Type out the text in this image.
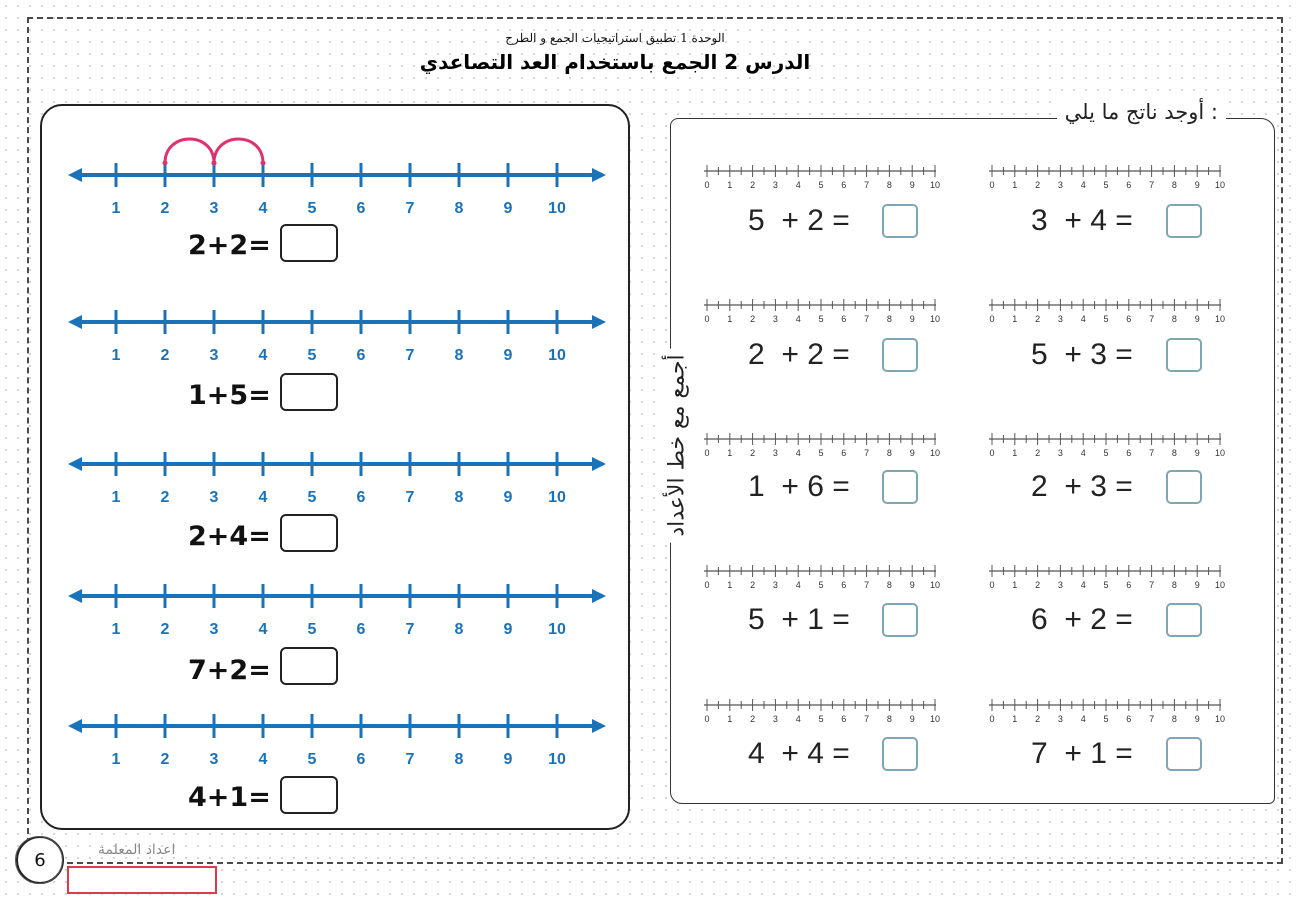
الوحدة 1 تطبيق استراتيجيات الجمع و الطرح
الدرس 2 الجمع باستخدام العد التصاعدي
1	2	3	4	5	6	7	8	9 10
2+2=
1	2	3	4	5	6	7	8	9 10
1+5=
1	2	3	4	5	6	7	8	9 10
2+4=
1	2	3	4	5	6	7	8	9 10
7+2=
1	2	3	4	5	6	7	8	9 10
4+1=
أوجد ناتج ما يلي :
أجمع مع خط الأعداد
0 1 2 3 4 5 6 7 8 9 10
5 + 2 =
0 1 2 3 4 5 6 7 8 9 10
3 + 4 =
0 1 2 3 4 5 6 7 8 9 10
2 + 2 =
0 1 2 3 4 5 6 7 8 9 10
5 + 3 =
0 1 2 3 4 5 6 7 8 9 10
1 + 6 =
0 1 2 3 4 5 6 7 8 9 10
2 + 3 =
0 1 2 3 4 5 6 7 8 9 10
5 + 1 =
0 1 2 3 4 5 6 7 8 9 10
6 + 2 =
0 1 2 3 4 5 6 7 8 9 10
4 + 4 =
0 1 2 3 4 5 6 7 8 9 10
7 + 1 =
6	اعداد المعلمة
